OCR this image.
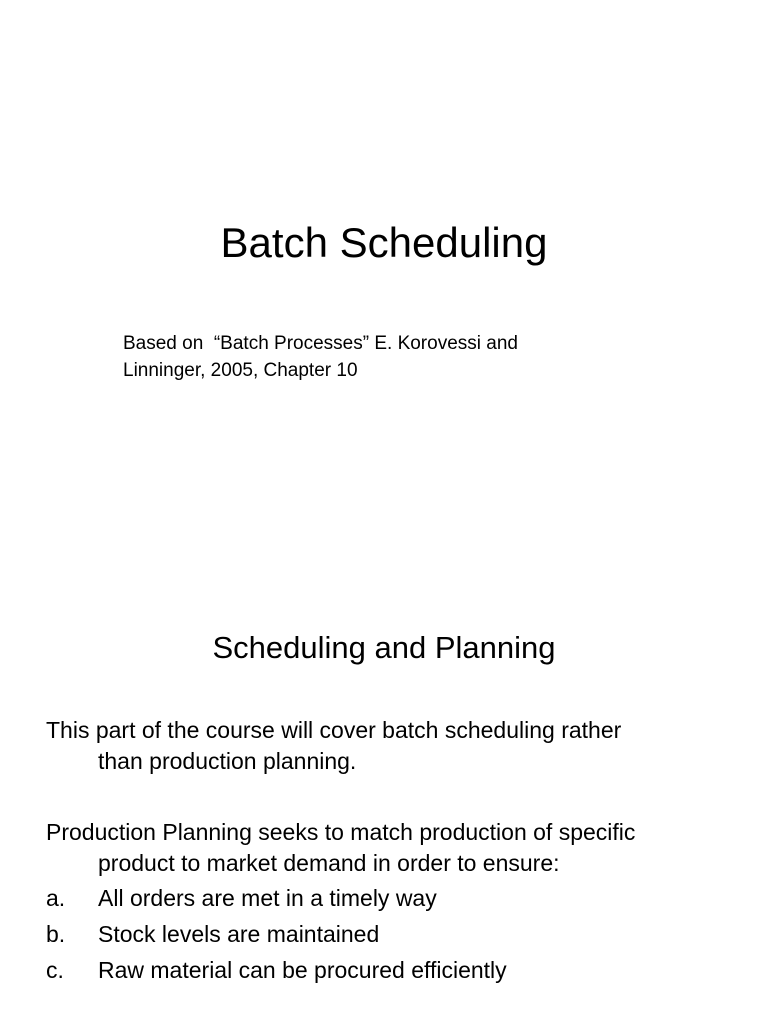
Batch Scheduling

Based on  “Batch Processes” E. Korovessi and
Linninger, 2005, Chapter 10

Scheduling and Planning

This part of the course will cover batch scheduling rather
than production planning.

Production Planning seeks to match production of specific
product to market demand in order to ensure:

a.	All orders are met in a timely way
b.	Stock levels are maintained
c.	Raw material can be procured efficiently
